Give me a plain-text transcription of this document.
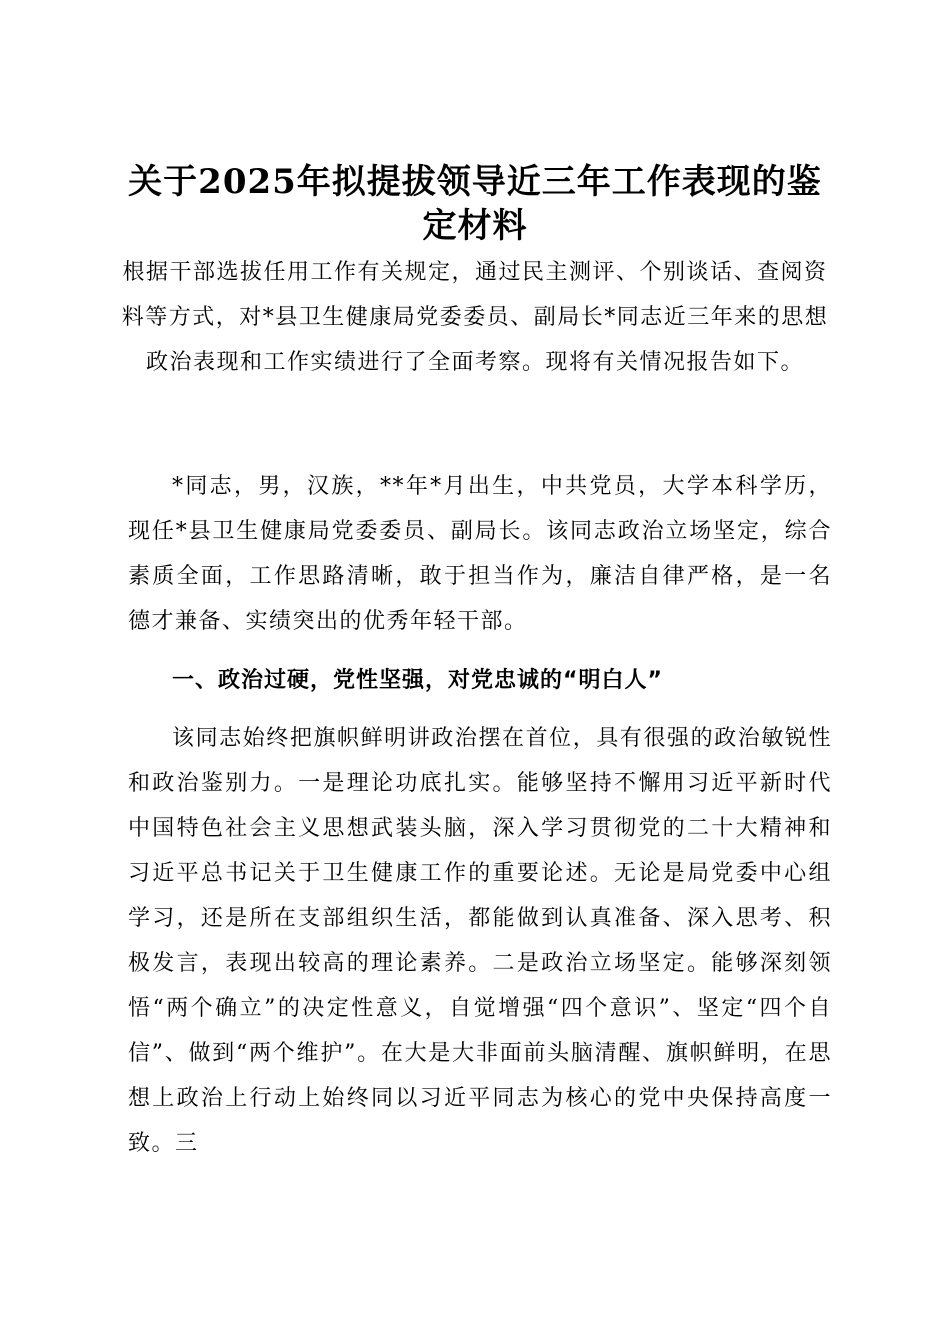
关于2025年拟提拔领导近三年工作表现的鉴定材料

根据干部选拔任用工作有关规定，通过民主测评、个别谈话、查阅资料等方式，对*县卫生健康局党委委员、副局长*同志近三年来的思想政治表现和工作实绩进行了全面考察。现将有关情况报告如下。

*同志，男，汉族，**年*月出生，中共党员，大学本科学历，现任*县卫生健康局党委委员、副局长。该同志政治立场坚定，综合素质全面，工作思路清晰，敢于担当作为，廉洁自律严格，是一名德才兼备、实绩突出的优秀年轻干部。

一、政治过硬，党性坚强，对党忠诚的“明白人”

该同志始终把旗帜鲜明讲政治摆在首位，具有很强的政治敏锐性和政治鉴别力。一是理论功底扎实。能够坚持不懈用习近平新时代中国特色社会主义思想武装头脑，深入学习贯彻党的二十大精神和习近平总书记关于卫生健康工作的重要论述。无论是局党委中心组学习，还是所在支部组织生活，都能做到认真准备、深入思考、积极发言，表现出较高的理论素养。二是政治立场坚定。能够深刻领悟“两个确立”的决定性意义，自觉增强“四个意识”、坚定“四个自信”、做到“两个维护”。在大是大非面前头脑清醒、旗帜鲜明，在思想上政治上行动上始终同以习近平同志为核心的党中央保持高度一致。三
